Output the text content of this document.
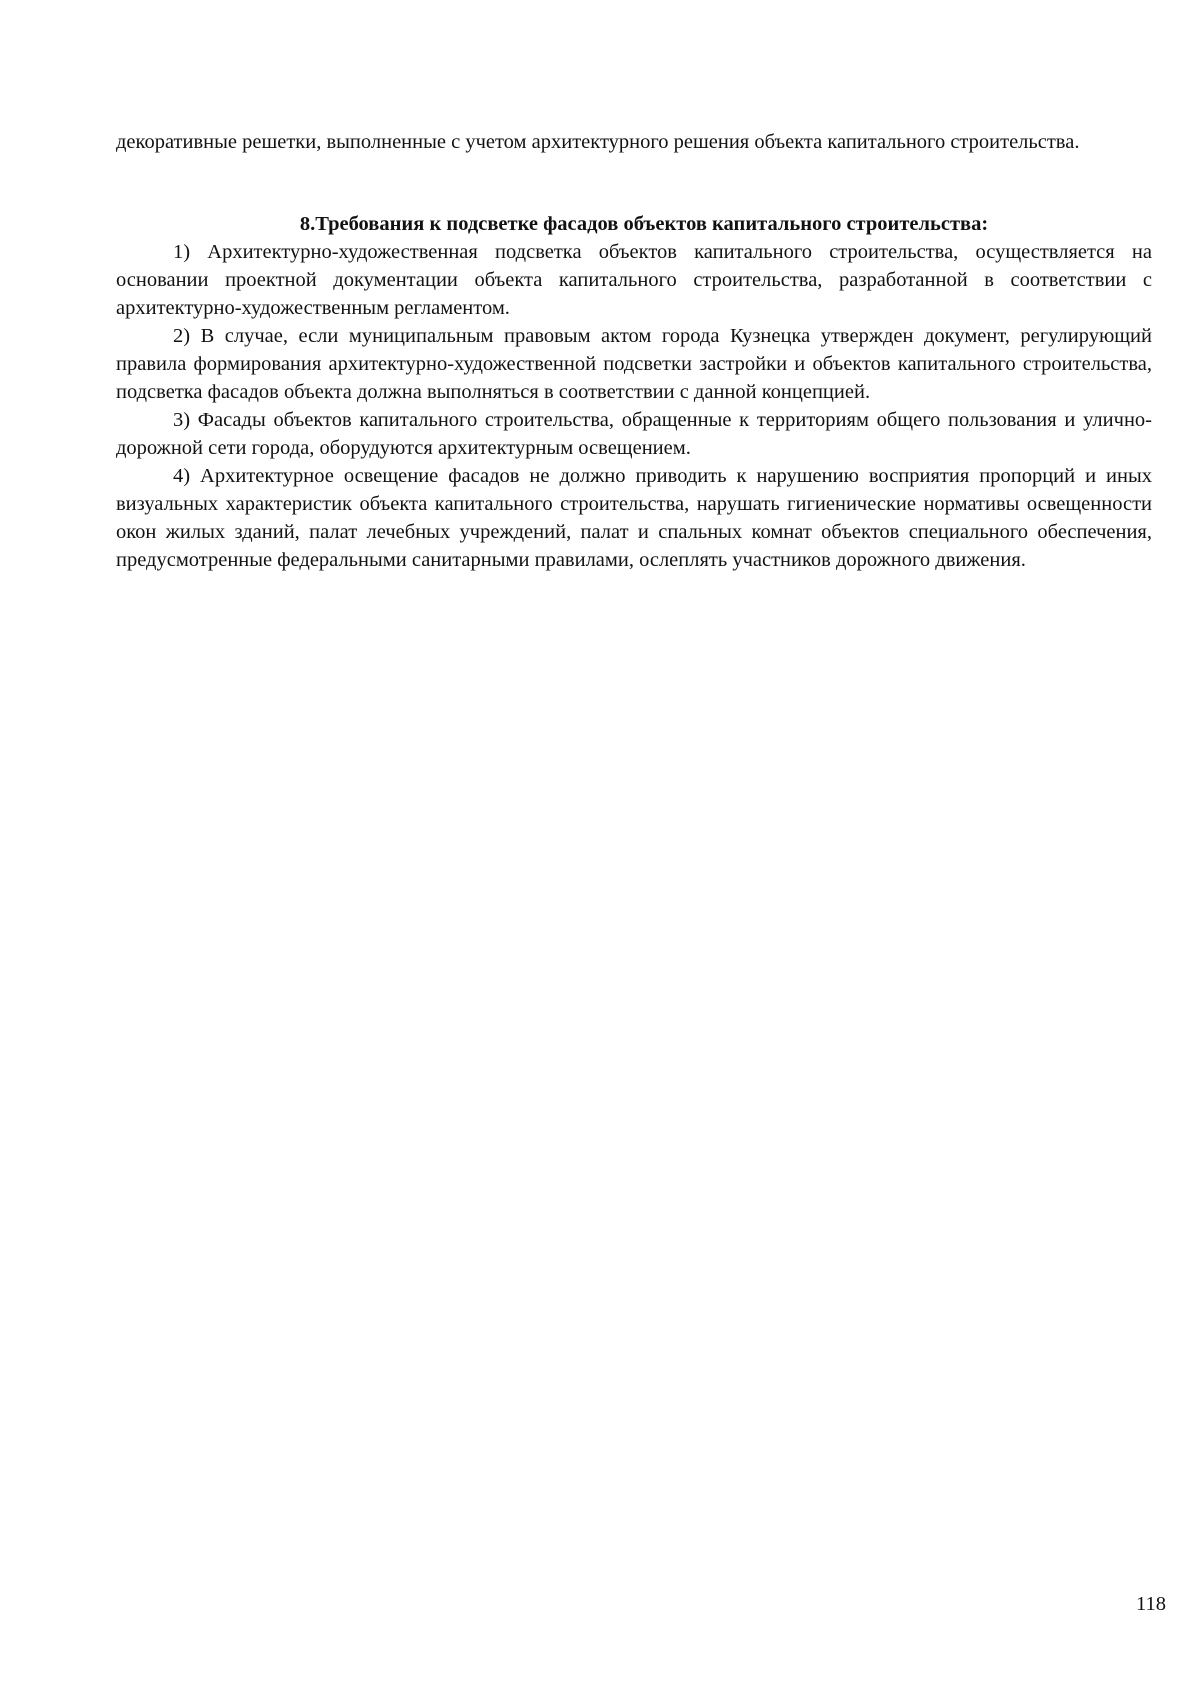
декоративные решетки, выполненные с учетом архитектурного решения объекта капитального строительства.

8.Требования к подсветке фасадов объектов капитального строительства:

1) Архитектурно-художественная подсветка объектов капитального строительства, осуществляется на основании проектной документации объекта капитального строительства, разработанной в соответствии с архитектурно-художественным регламентом.

2) В случае, если муниципальным правовым актом города Кузнецка утвержден документ, регулирующий правила формирования архитектурно-художественной подсветки застройки и объектов капитального строительства, подсветка фасадов объекта должна выполняться в соответствии с данной концепцией.

3) Фасады объектов капитального строительства, обращенные к территориям общего пользования и улично-дорожной сети города, оборудуются архитектурным освещением.

4) Архитектурное освещение фасадов не должно приводить к нарушению восприятия пропорций и иных визуальных характеристик объекта капитального строительства, нарушать гигиенические нормативы освещенности окон жилых зданий, палат лечебных учреждений, палат и спальных комнат объектов специального обеспечения, предусмотренные федеральными санитарными правилами, ослеплять участников дорожного движения.

118
